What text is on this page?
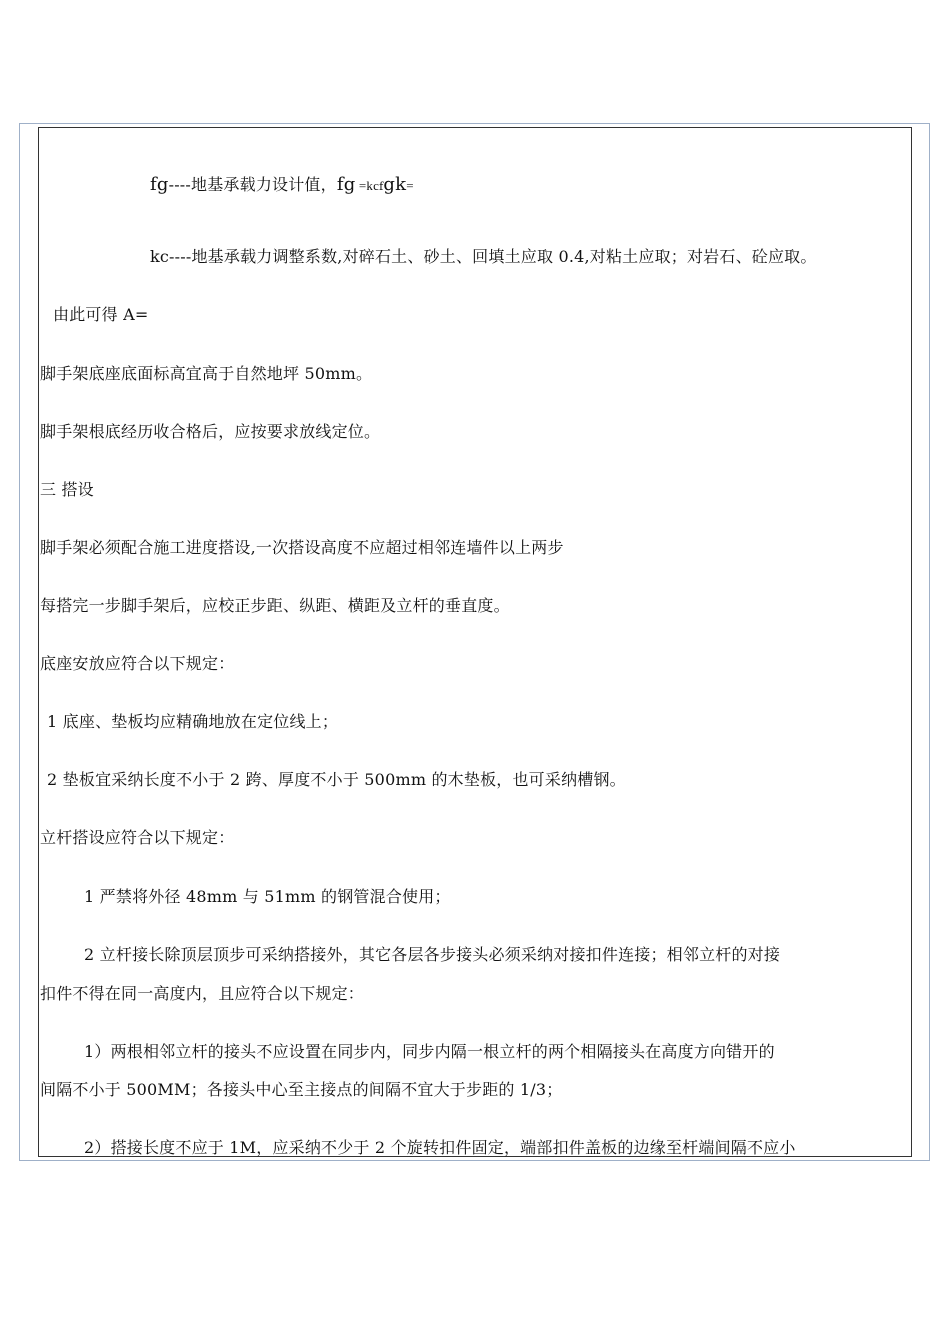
fg----地基承载力设计值，fg =kcfgk=
kc----地基承载力调整系数,对碎石土、砂土、回填土应取 0.4,对粘土应取；对岩石、砼应取。
由此可得 A=
脚手架底座底面标高宜高于自然地坪 50mm。
脚手架根底经历收合格后，应按要求放线定位。
三 搭设
脚手架必须配合施工进度搭设,一次搭设高度不应超过相邻连墙件以上两步
每搭完一步脚手架后，应校正步距、纵距、横距及立杆的垂直度。
底座安放应符合以下规定：
1 底座、垫板均应精确地放在定位线上；
2 垫板宜采纳长度不小于 2 跨、厚度不小于 500mm 的木垫板，也可采纳槽钢。
立杆搭设应符合以下规定：
1 严禁将外径 48mm 与 51mm 的钢管混合使用；
2 立杆接长除顶层顶步可采纳搭接外，其它各层各步接头必须采纳对接扣件连接；相邻立杆的对接
扣件不得在同一高度内，且应符合以下规定：
1）两根相邻立杆的接头不应设置在同步内，同步内隔一根立杆的两个相隔接头在高度方向错开的
间隔不小于 500MM；各接头中心至主接点的间隔不宜大于步距的 1/3；
2）搭接长度不应于 1M，应采纳不少于 2 个旋转扣件固定，端部扣件盖板的边缘至杆端间隔不应小
